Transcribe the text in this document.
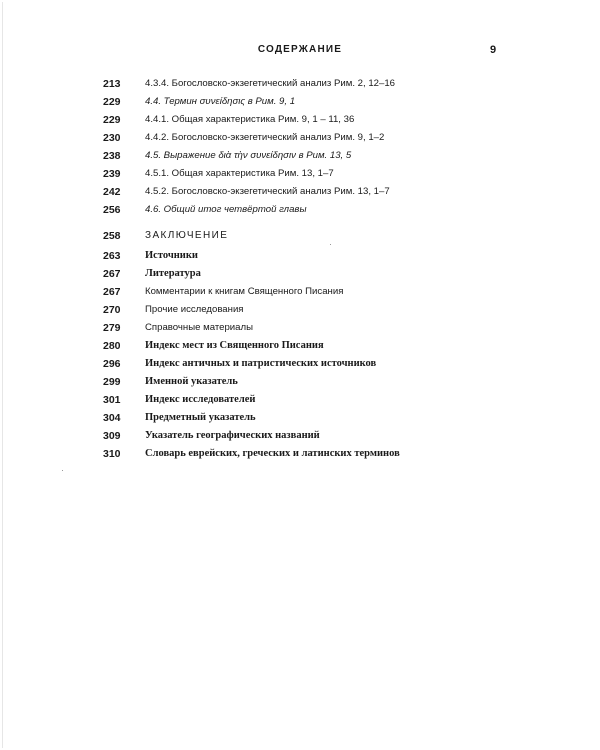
СОДЕРЖАНИЕ	9
213	4.3.4. Богословско-экзегетический анализ Рим. 2, 12–16
229	4.4. Термин συνείδησις в Рим. 9, 1
229	4.4.1. Общая характеристика Рим. 9, 1 – 11, 36
230	4.4.2. Богословско-экзегетический анализ Рим. 9, 1–2
238	4.5. Выражение διὰ τὴν συνείδησιν в Рим. 13, 5
239	4.5.1. Общая характеристика Рим. 13, 1–7
242	4.5.2. Богословско-экзегетический анализ Рим. 13, 1–7
256	4.6. Общий итог четвёртой главы
258	ЗАКЛЮЧЕНИЕ
263	Источники
267	Литература
267	Комментарии к книгам Священного Писания
270	Прочие исследования
279	Справочные материалы
280	Индекс мест из Священного Писания
296	Индекс античных и патристических источников
299	Именной указатель
301	Индекс исследователей
304	Предметный указатель
309	Указатель географических названий
310	Словарь еврейских, греческих и латинских терминов
